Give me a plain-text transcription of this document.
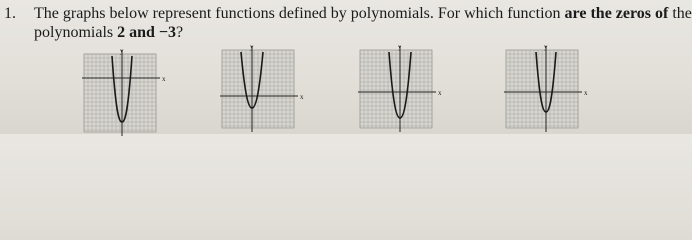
1. The graphs below represent functions defined by polynomials. For which function are the zeros of the
polynomials 2 and −3?
x
y
x
y
x
y
x
y
